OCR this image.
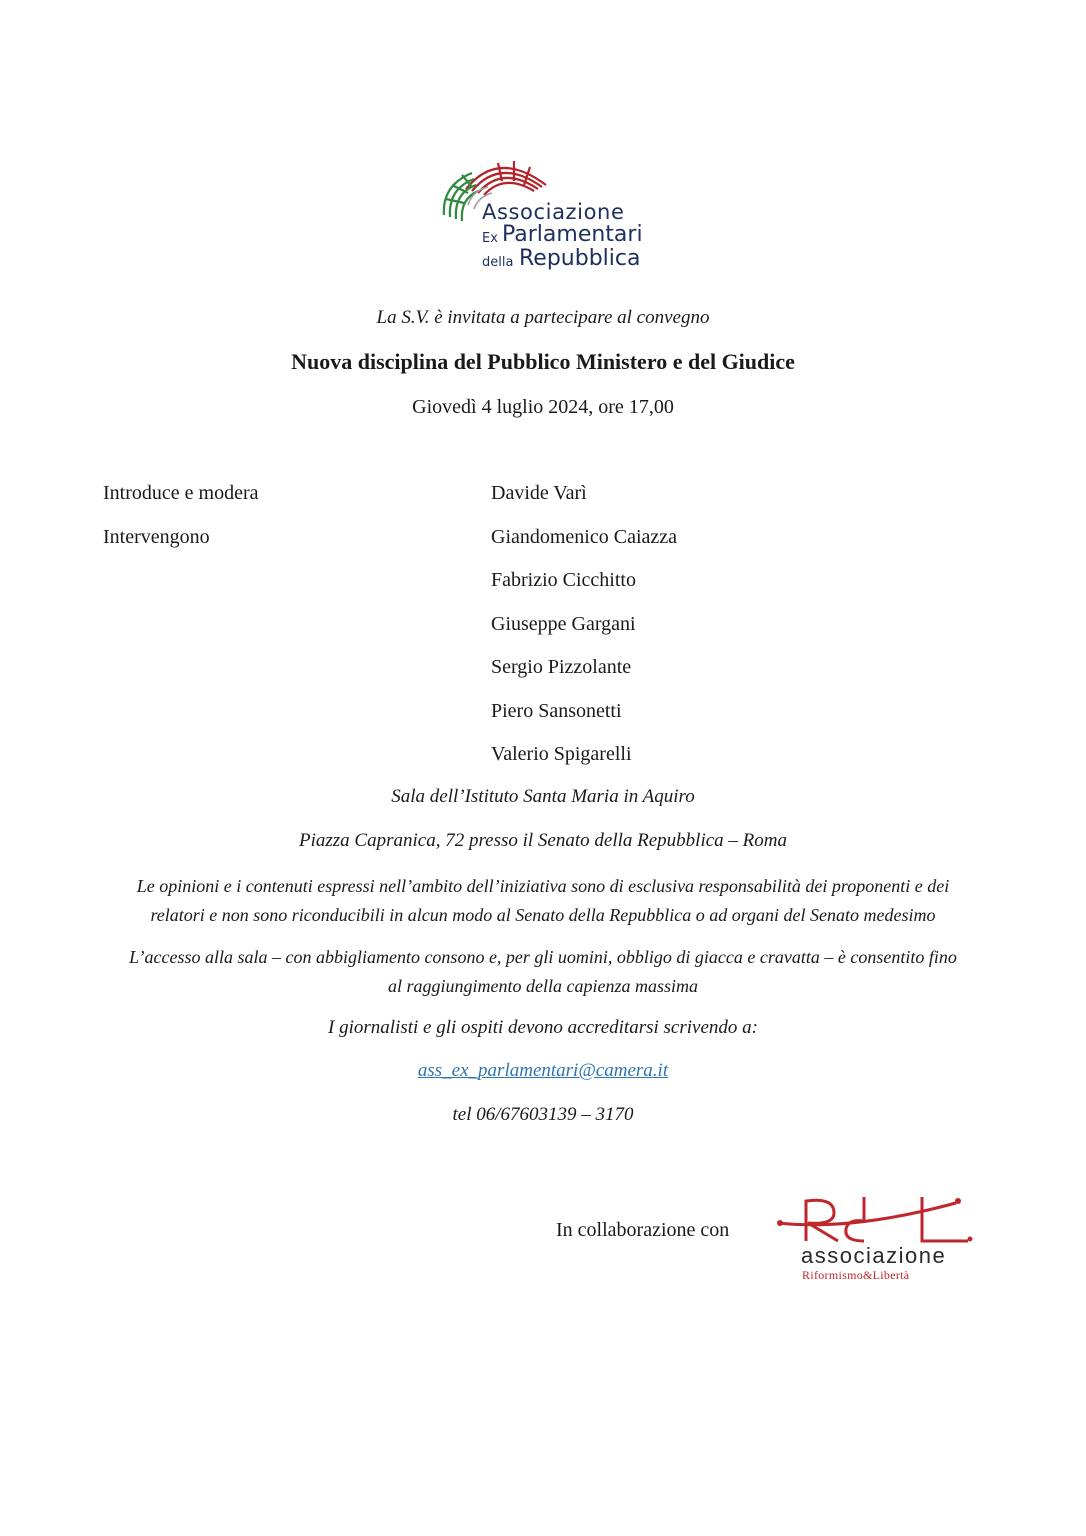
Associazione
Ex Parlamentari
della Repubblica
La S.V. è invitata a partecipare al convegno
Nuova disciplina del Pubblico Ministero e del Giudice
Giovedì 4 luglio 2024, ore 17,00
Introduce e modera	Davide Varì
Intervengono	Giandomenico Caiazza
Fabrizio Cicchitto
Giuseppe Gargani
Sergio Pizzolante
Piero Sansonetti
Valerio Spigarelli
Sala dell’Istituto Santa Maria in Aquiro
Piazza Capranica, 72 presso il Senato della Repubblica – Roma
Le opinioni e i contenuti espressi nell’ambito dell’iniziativa sono di esclusiva responsabilità dei proponenti e dei
relatori e non sono riconducibili in alcun modo al Senato della Repubblica o ad organi del Senato medesimo
L’accesso alla sala – con abbigliamento consono e, per gli uomini, obbligo di giacca e cravatta – è consentito fino
al raggiungimento della capienza massima
I giornalisti e gli ospiti devono accreditarsi scrivendo a:
ass_ex_parlamentari@camera.it
tel 06/67603139 – 3170
In collaborazione con
associazione
Riformismo&Libertà
